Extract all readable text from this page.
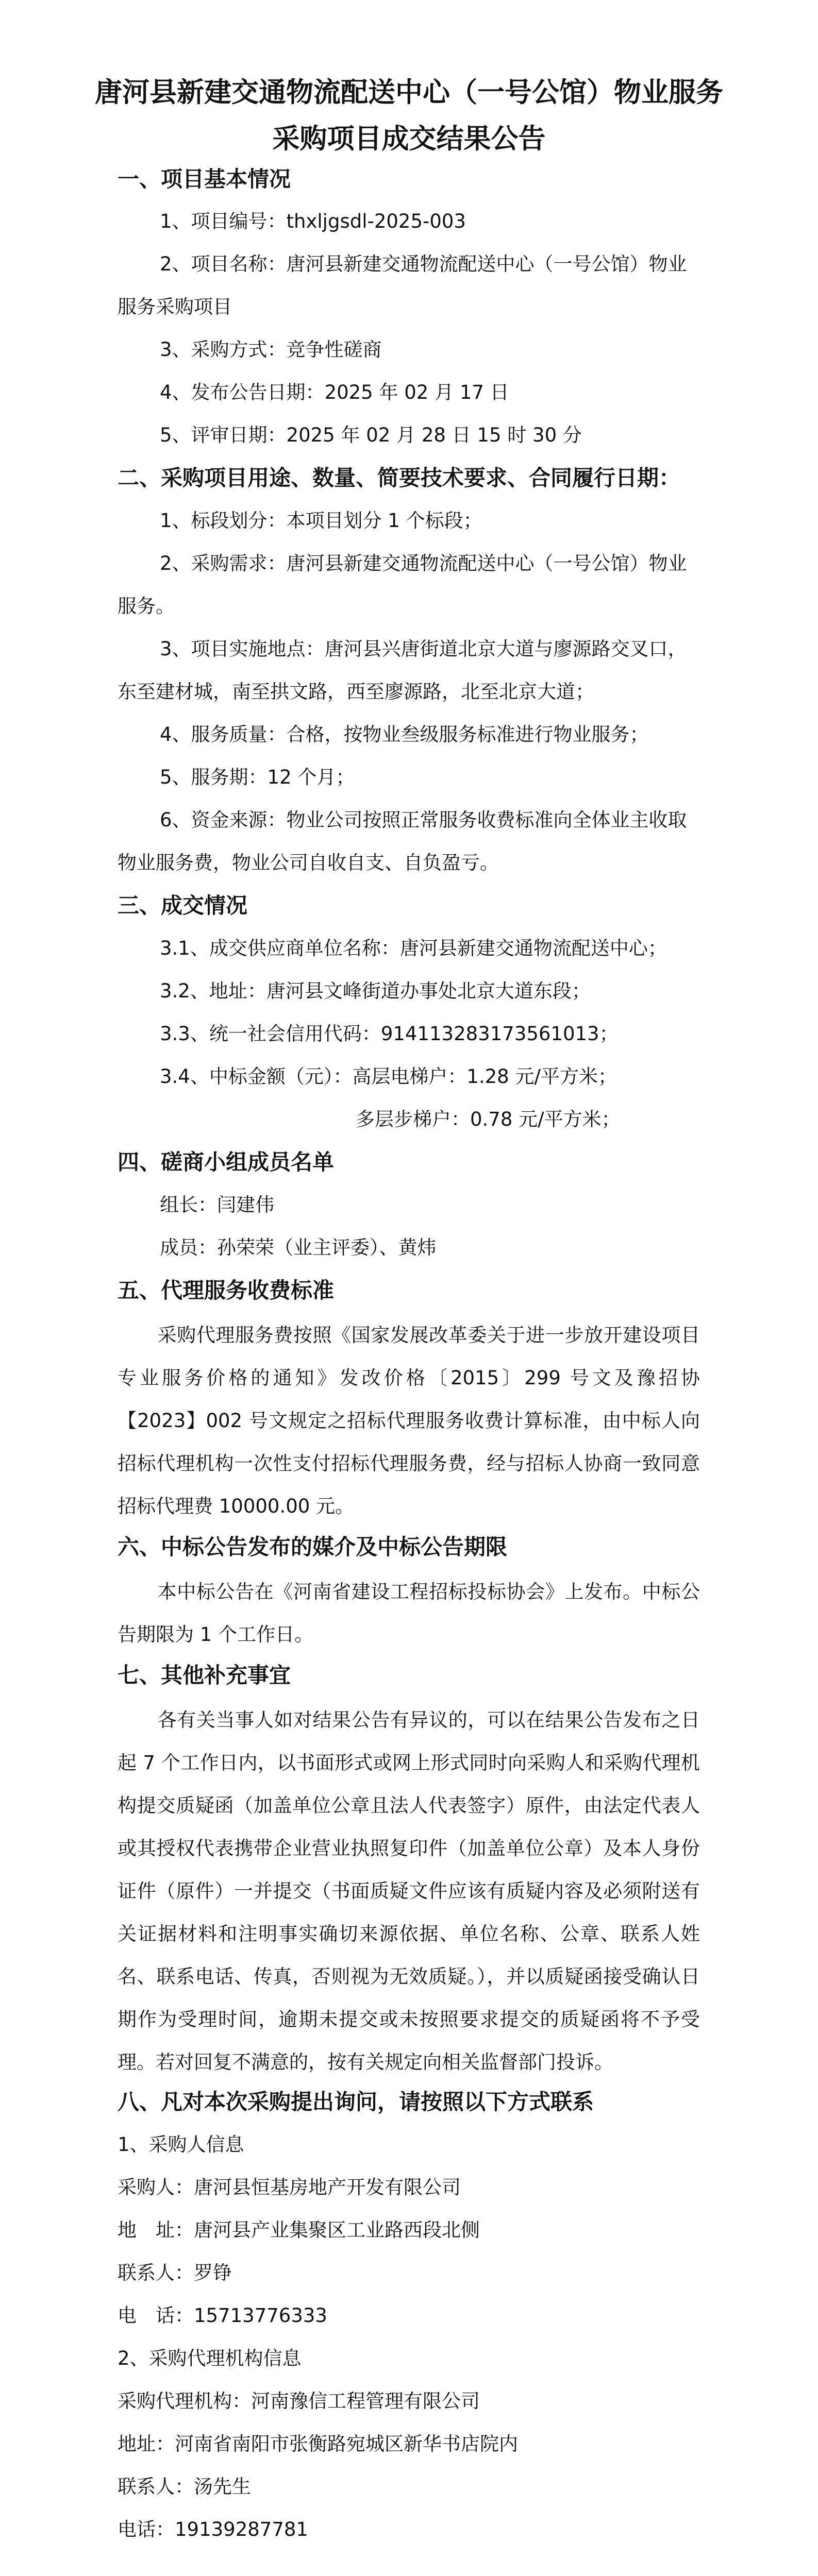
唐河县新建交通物流配送中心（一号公馆）物业服务
采购项目成交结果公告
一、项目基本情况
1、项目编号：thxljgsdl-2025-003
2、项目名称：唐河县新建交通物流配送中心（一号公馆）物业
服务采购项目
3、采购方式：竞争性磋商
4、发布公告日期：2025 年 02 月 17 日
5、评审日期：2025 年 02 月 28 日 15 时 30 分
二、采购项目用途、数量、简要技术要求、合同履行日期：
1、标段划分：本项目划分 1 个标段；
2、采购需求：唐河县新建交通物流配送中心（一号公馆）物业
服务。
3、项目实施地点：唐河县兴唐街道北京大道与廖源路交叉口，
东至建材城，南至拱文路，西至廖源路，北至北京大道；
4、服务质量：合格，按物业叁级服务标准进行物业服务；
5、服务期：12 个月；
6、资金来源：物业公司按照正常服务收费标准向全体业主收取
物业服务费，物业公司自收自支、自负盈亏。
三、成交情况
3.1、成交供应商单位名称：唐河县新建交通物流配送中心；
3.2、地址：唐河县文峰街道办事处北京大道东段；
3.3、统一社会信用代码：914113283173561013；
3.4、中标金额（元）：高层电梯户：1.28 元/平方米；
多层步梯户：0.78 元/平方米；
四、磋商小组成员名单
组长：闫建伟
成员：孙荣荣（业主评委）、黄炜
五、代理服务收费标准
采购代理服务费按照《国家发展改革委关于进一步放开建设项目专业服务价格的通知》发改价格〔2015〕299 号文及豫招协【2023】002 号文规定之招标代理服务收费计算标准，由中标人向招标代理机构一次性支付招标代理服务费，经与招标人协商一致同意招标代理费 10000.00 元。
六、中标公告发布的媒介及中标公告期限
本中标公告在《河南省建设工程招标投标协会》上发布。中标公告期限为 1 个工作日。
七、其他补充事宜
各有关当事人如对结果公告有异议的，可以在结果公告发布之日起 7 个工作日内，以书面形式或网上形式同时向采购人和采购代理机构提交质疑函（加盖单位公章且法人代表签字）原件，由法定代表人或其授权代表携带企业营业执照复印件（加盖单位公章）及本人身份证件（原件）一并提交（书面质疑文件应该有质疑内容及必须附送有关证据材料和注明事实确切来源依据、单位名称、公章、联系人姓名、联系电话、传真，否则视为无效质疑。），并以质疑函接受确认日期作为受理时间，逾期未提交或未按照要求提交的质疑函将不予受理。若对回复不满意的，按有关规定向相关监督部门投诉。
八、凡对本次采购提出询问，请按照以下方式联系
1、采购人信息
采购人：唐河县恒基房地产开发有限公司
地　址：唐河县产业集聚区工业路西段北侧
联系人：罗铮
电　话：15713776333
2、采购代理机构信息
采购代理机构：河南豫信工程管理有限公司
地址：河南省南阳市张衡路宛城区新华书店院内
联系人：汤先生
电话：19139287781
